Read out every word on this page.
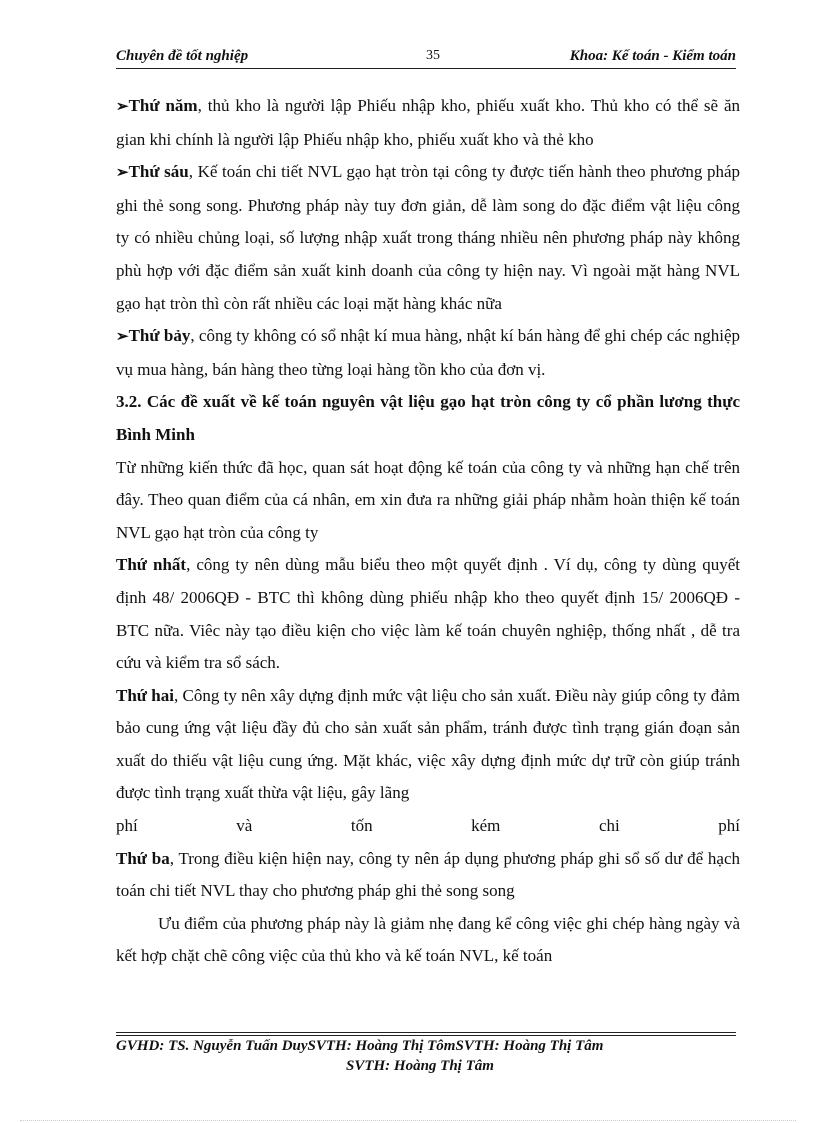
Chuyên đề tốt nghiệp	35	Khoa: Kế toán - Kiểm toán

➢Thứ năm, thủ kho là người lập Phiếu nhập kho, phiếu xuất kho. Thủ kho có thể sẽ ăn gian khi chính là người lập Phiếu nhập kho, phiếu xuất kho và thẻ kho

➢Thứ sáu, Kế toán chi tiết NVL gạo hạt tròn tại công ty được tiến hành theo phương pháp ghi thẻ song song. Phương pháp này tuy đơn giản, dễ làm song do đặc điểm vật liệu công ty có nhiều chủng loại, số lượng nhập xuất trong tháng nhiều nên phương pháp này không phù hợp với đặc điểm sản xuất kinh doanh của công ty hiện nay. Vì ngoài mặt hàng NVL gạo hạt tròn thì còn rất nhiều các loại mặt hàng khác nữa

➢Thứ bảy, công ty không có sổ nhật kí mua hàng, nhật kí bán hàng để ghi chép các nghiệp vụ mua hàng, bán hàng theo từng loại hàng tồn kho của đơn vị.

3.2. Các đề xuất về kế toán nguyên vật liệu gạo hạt tròn công ty cổ phần lương thực Bình Minh

Từ những kiến thức đã học, quan sát hoạt động kế toán của công ty và những hạn chế trên đây. Theo quan điểm của cá nhân, em xin đưa ra những giải pháp nhằm hoàn thiện kế toán NVL gạo hạt tròn của công ty

Thứ nhất, công ty nên dùng mẫu biểu theo một quyết định . Ví dụ, công ty dùng quyết định 48/ 2006QĐ - BTC thì không dùng phiếu nhập kho theo quyết định 15/ 2006QĐ - BTC nữa. Viêc này tạo điều kiện cho việc làm kế toán chuyên nghiệp, thống nhất , dễ tra cứu và kiểm tra sổ sách.

Thứ hai, Công ty nên xây dựng định mức vật liệu cho sản xuất. Điều này giúp công ty đảm bảo cung ứng vật liệu đầy đủ cho sản xuất sản phẩm, tránh được tình trạng gián đoạn sản xuất do thiếu vật liệu cung ứng. Mặt khác, việc xây dựng định mức dự trữ còn giúp tránh được tình trạng xuất thừa vật liệu, gây lãng

phí và tốn kém chi phí

Thứ ba, Trong điều kiện hiện nay, công ty nên áp dụng phương pháp ghi sổ số dư để hạch toán chi tiết NVL thay cho phương pháp ghi thẻ song song

Ưu điểm của phương pháp này là giảm nhẹ đang kể công việc ghi chép hàng ngày và kết hợp chặt chẽ công việc của thủ kho và kế toán NVL, kế toán

GVHD: TS. Nguyễn Tuấn DuySVTH: Hoàng Thị TômSVTH: Hoàng Thị Tâm
SVTH: Hoàng Thị Tâm
